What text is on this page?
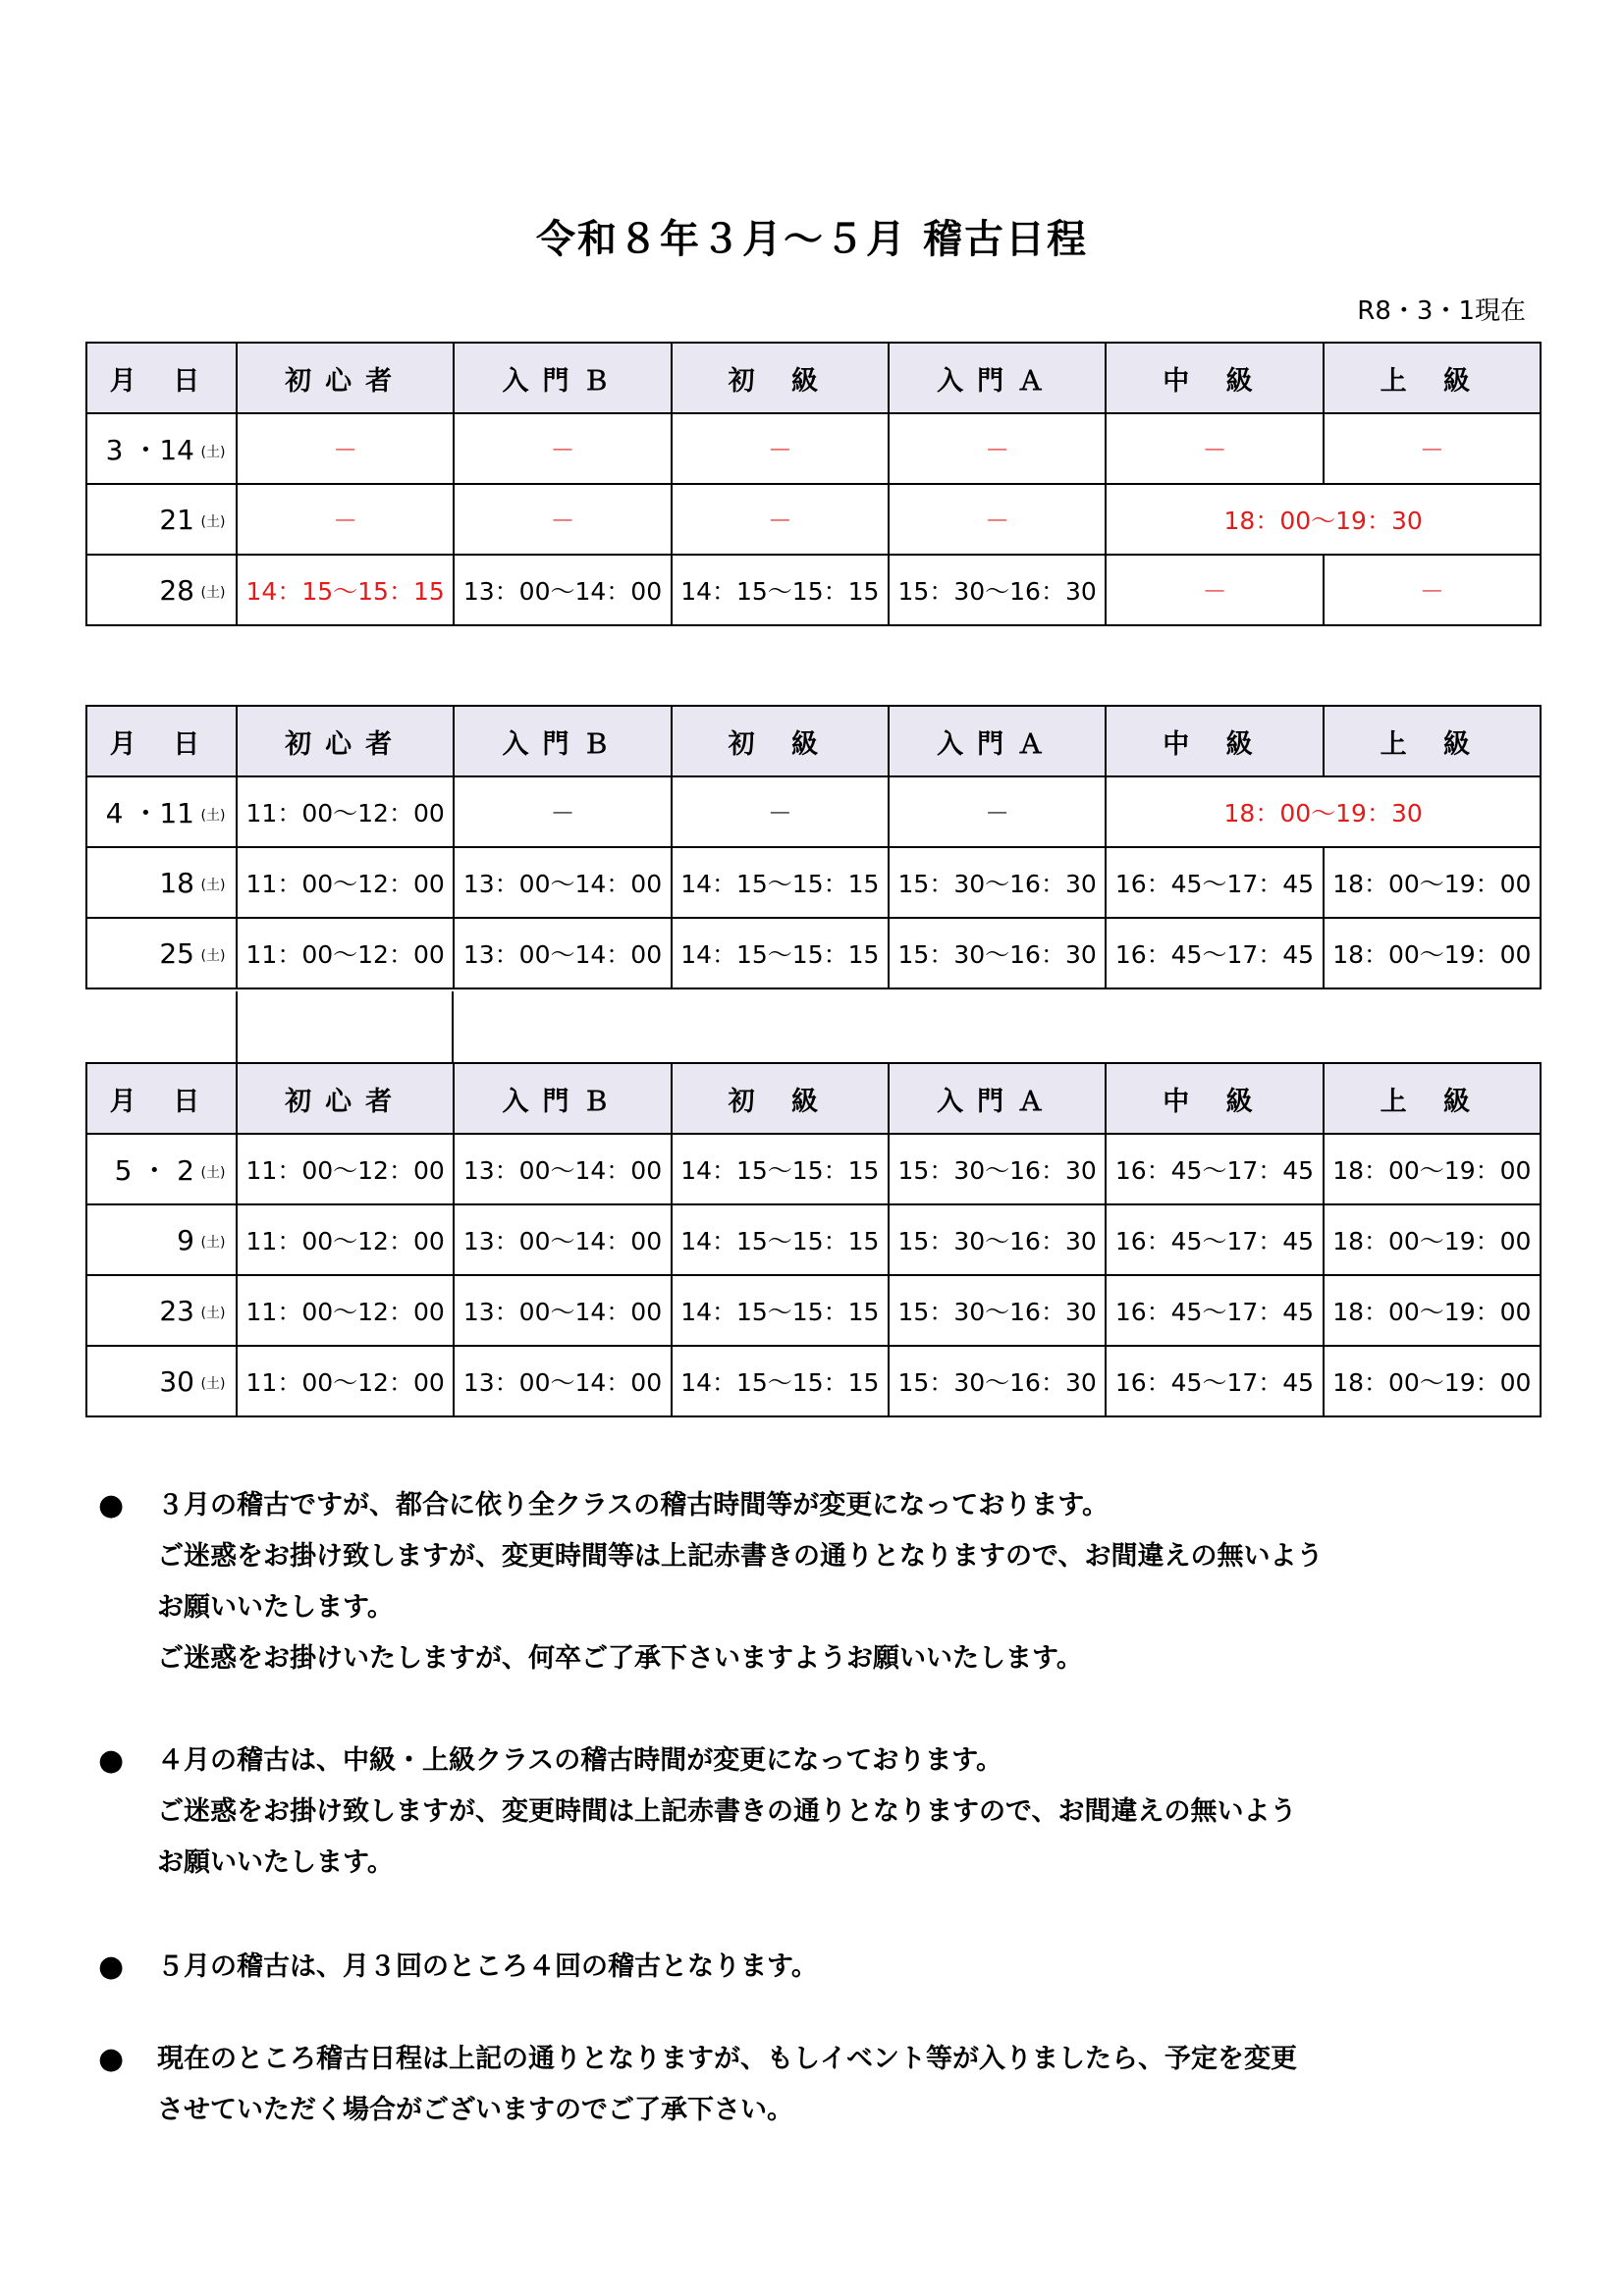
令和８年３月～５月 稽古日程
R8・3・1現在
月 日	初心者	入門Ｂ	初 級	入門Ａ	中 級	上 級
3 ・14 (土)	－	－	－	－	－	－
21 (土)	－	－	－	－	18：00～19：30	
28 (土)	14：15～15：15	13：00～14：00	14：15～15：15	15：30～16：30	－	－
月 日	初心者	入門Ｂ	初 級	入門Ａ	中 級	上 級
4 ・11 (土)	11：00～12：00	－	－	－	18：00～19：30	
18 (土)	11：00～12：00	13：00～14：00	14：15～15：15	15：30～16：30	16：45～17：45	18：00～19：00
25 (土)	11：00～12：00	13：00～14：00	14：15～15：15	15：30～16：30	16：45～17：45	18：00～19：00
月 日	初心者	入門Ｂ	初 級	入門Ａ	中 級	上 級
5 ・ 2 (土)	11：00～12：00	13：00～14：00	14：15～15：15	15：30～16：30	16：45～17：45	18：00～19：00
9 (土)	11：00～12：00	13：00～14：00	14：15～15：15	15：30～16：30	16：45～17：45	18：00～19：00
23 (土)	11：00～12：00	13：00～14：00	14：15～15：15	15：30～16：30	16：45～17：45	18：00～19：00
30 (土)	11：00～12：00	13：00～14：00	14：15～15：15	15：30～16：30	16：45～17：45	18：00～19：00
● ３月の稽古ですが、都合に依り全クラスの稽古時間等が変更になっております。
ご迷惑をお掛け致しますが、変更時間等は上記赤書きの通りとなりますので、お間違えの無いよう
お願いいたします。
ご迷惑をお掛けいたしますが、何卒ご了承下さいますようお願いいたします。
● ４月の稽古は、中級・上級クラスの稽古時間が変更になっております。
ご迷惑をお掛け致しますが、変更時間は上記赤書きの通りとなりますので、お間違えの無いよう
お願いいたします。
● ５月の稽古は、月３回のところ４回の稽古となります。
● 現在のところ稽古日程は上記の通りとなりますが、もしイベント等が入りましたら、予定を変更
させていただく場合がございますのでご了承下さい。
